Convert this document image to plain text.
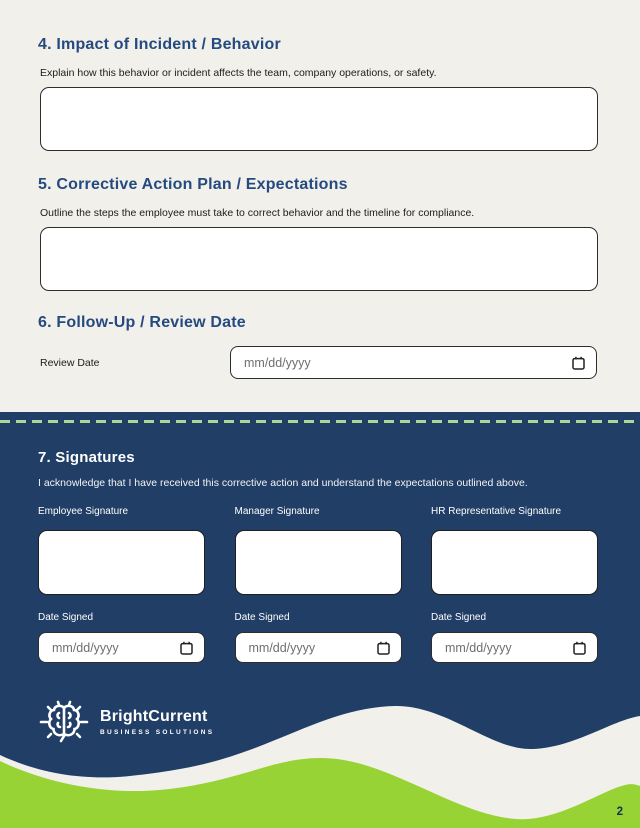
4. Impact of Incident / Behavior
Explain how this behavior or incident affects the team, company operations, or safety.
5. Corrective Action Plan / Expectations
Outline the steps the employee must take to correct behavior and the timeline for compliance.
6. Follow-Up / Review Date
Review Date
mm/dd/yyyy
7. Signatures
I acknowledge that I have received this corrective action and understand the expectations outlined above.
Employee Signature
Date Signed
mm/dd/yyyy
Manager Signature
Date Signed
mm/dd/yyyy
HR Representative Signature
Date Signed
mm/dd/yyyy
BrightCurrent
BUSINESS SOLUTIONS
2
